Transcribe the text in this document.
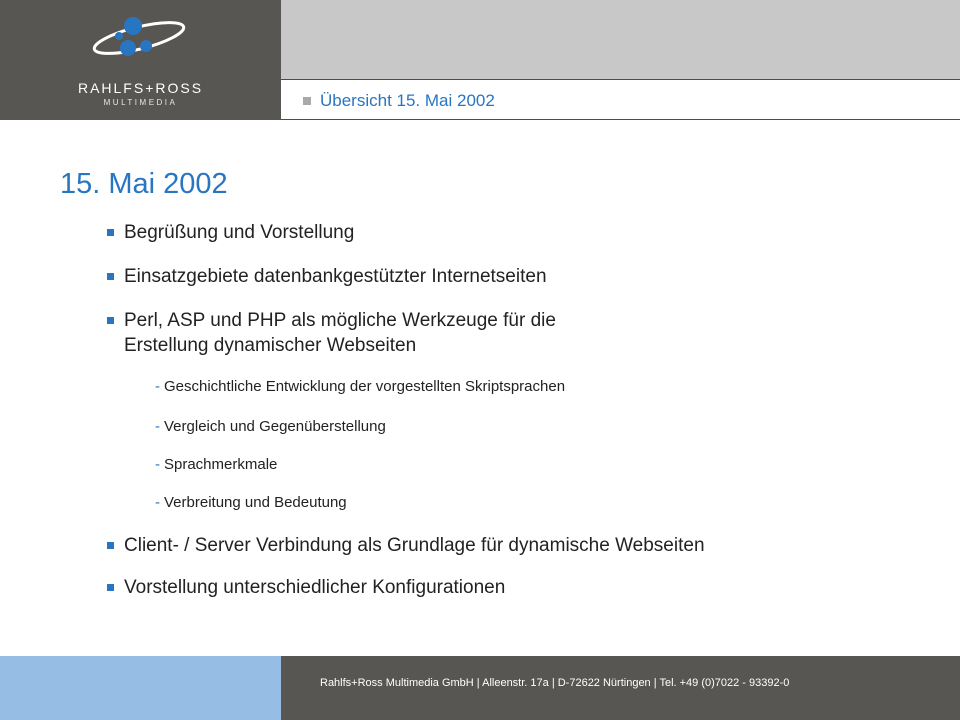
RAHLFS+ROSS
MULTIMEDIA	Übersicht 15. Mai 2002
15. Mai 2002
Begrüßung und Vorstellung
Einsatzgebiete datenbankgestützter Internetseiten
Perl, ASP und PHP als mögliche Werkzeuge für die
Erstellung dynamischer Webseiten
- Geschichtliche Entwicklung der vorgestellten Skriptsprachen
- Vergleich und Gegenüberstellung
- Sprachmerkmale
- Verbreitung und Bedeutung
Client- / Server Verbindung als Grundlage für dynamische Webseiten
Vorstellung unterschiedlicher Konfigurationen
Rahlfs+Ross Multimedia GmbH | Alleenstr. 17a | D-72622 Nürtingen | Tel. +49 (0)7022 - 93392-0
